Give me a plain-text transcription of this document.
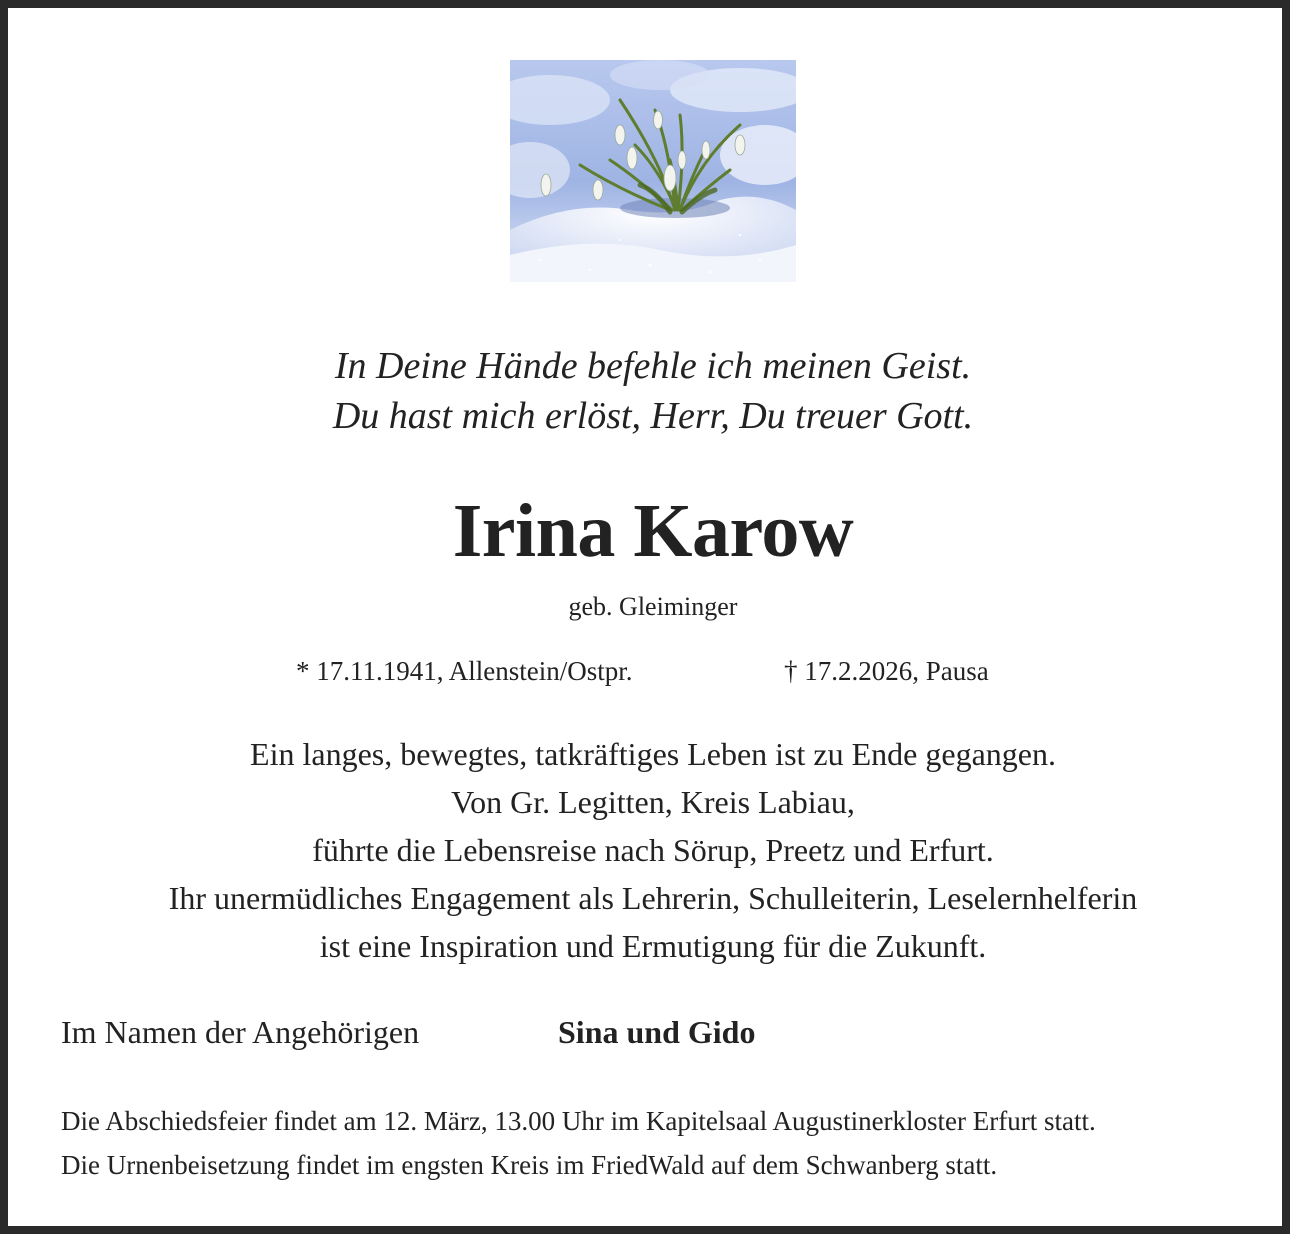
In Deine Hände befehle ich meinen Geist.
Du hast mich erlöst, Herr, Du treuer Gott.
Irina Karow
geb. Gleiminger
* 17.11.1941, Allenstein/Ostpr.	† 17.2.2026, Pausa
Ein langes, bewegtes, tatkräftiges Leben ist zu Ende gegangen.
Von Gr. Legitten, Kreis Labiau,
führte die Lebensreise nach Sörup, Preetz und Erfurt.
Ihr unermüdliches Engagement als Lehrerin, Schulleiterin, Leselernhelferin
ist eine Inspiration und Ermutigung für die Zukunft.
Im Namen der Angehörigen	Sina und Gido
Die Abschiedsfeier findet am 12. März, 13.00 Uhr im Kapitelsaal Augustinerkloster Erfurt statt.
Die Urnenbeisetzung findet im engsten Kreis im FriedWald auf dem Schwanberg statt.
